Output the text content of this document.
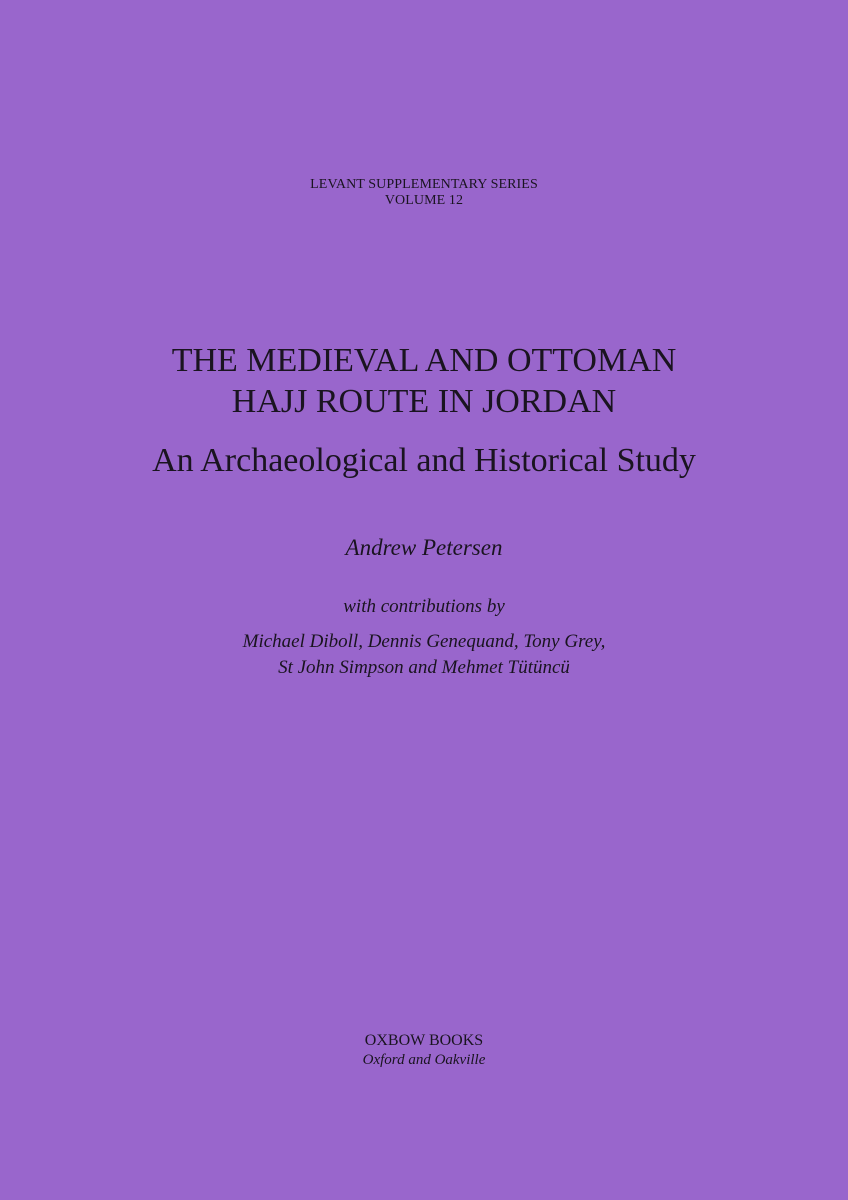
LEVANT SUPPLEMENTARY SERIES
VOLUME 12
THE MEDIEVAL AND OTTOMAN
HAJJ ROUTE IN JORDAN
An Archaeological and Historical Study
Andrew Petersen
with contributions by
Michael Diboll, Dennis Genequand, Tony Grey,
St John Simpson and Mehmet Tütüncü
OXBOW BOOKS
Oxford and Oakville
